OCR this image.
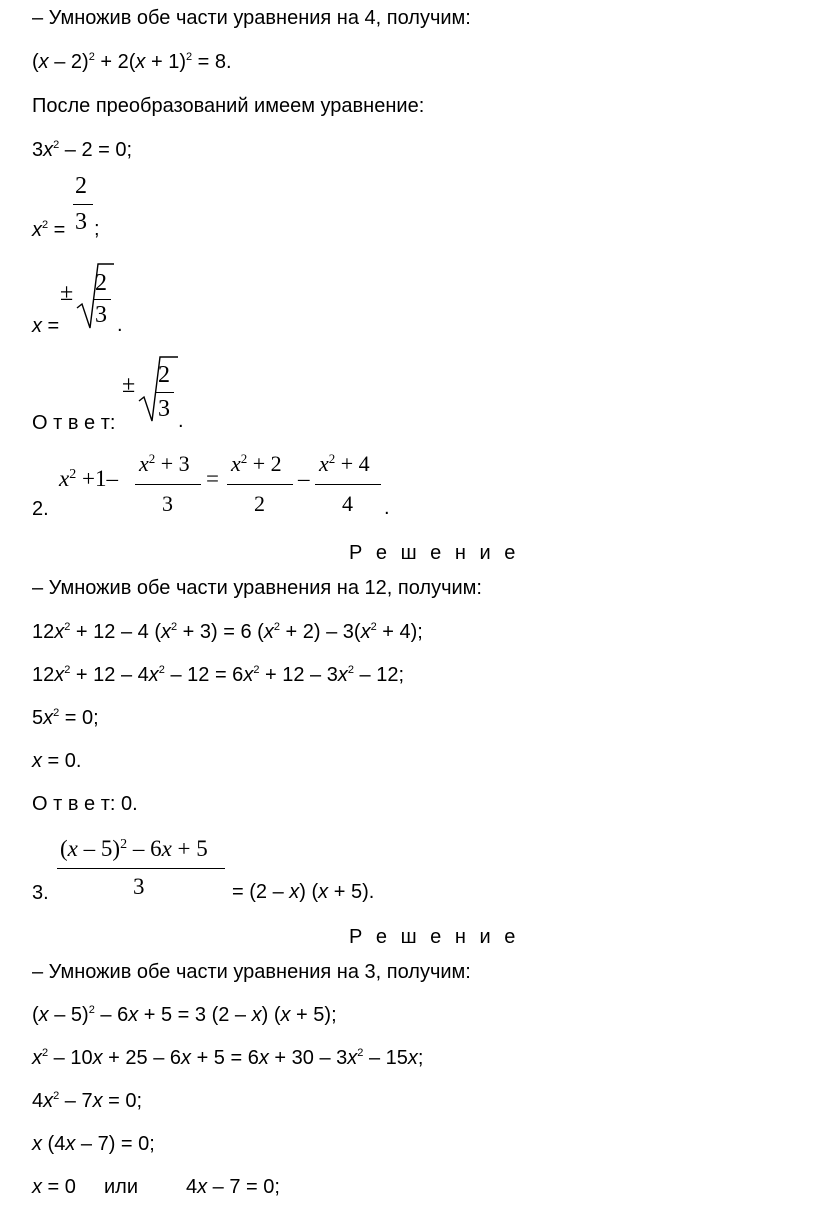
– Умножив обе части уравнения на 4, получим:
$(x - 2)^2 + 2(x + 1)^2 = 8$.
После преобразований имеем уравнение:
$3x^2 - 2 = 0$;
$x^2$ =
2
3 ;
x =
± 2
3 .
О т в е т:
± 2
3 .
2.
$x^2 +1-$
$x^2 + 3$
3
=
$x^2 + 2$
2
–
$x^2 + 4$
4 .
Р е ш е н и е
– Умножив обе части уравнения на 12, получим:
$12x^2 + 12 - 4$ $(x^2 + 3) = 6$ $(x^2 + 2) - 3(x^2 + 4)$;
$12x^2 + 12 - 4x^2 - 12 = 6x^2 + 12 - 3x^2 - 12$;
$5x^2 = 0$;
x = 0.
О т в е т: 0.
3.
(x – 5)$^2$ – 6x + 5
3	= (2 – x) (x + 5).
Р е ш е н и е
– Умножив обе части уравнения на 3, получим:
(x – 5)$^2$ – 6x + 5 = 3 (2 – x) (x + 5);
$x^2 - 10x + 25 - 6x + 5 = 6x + 30 - 3x^2 - 15x$;
$4x^2 - 7x = 0$;
x (4x – 7) = 0;
x = 0 или 4x – 7 = 0;
